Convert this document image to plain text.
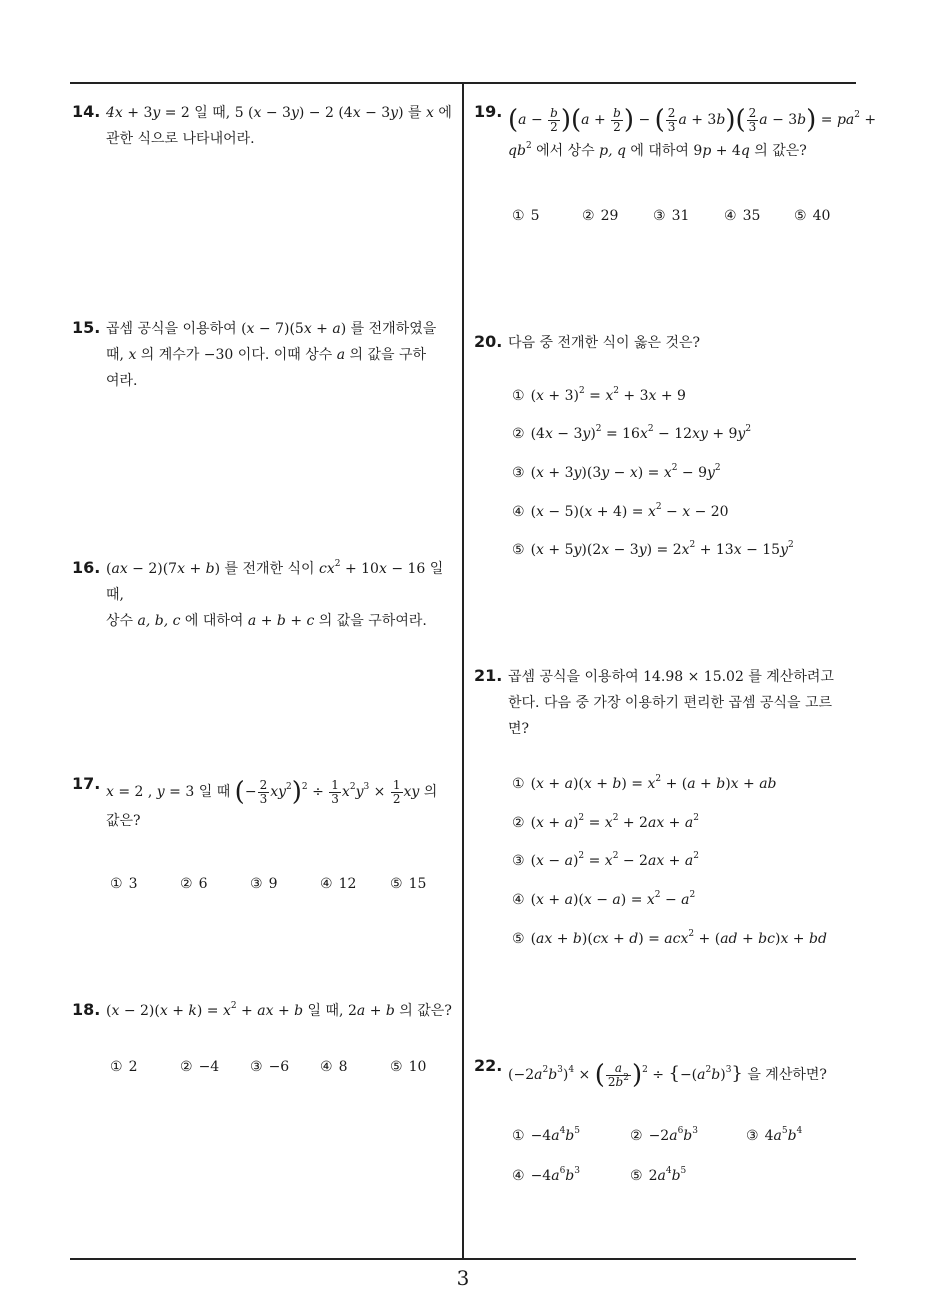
14. 4x + 3y = 2 일 때, 5 (x − 3y) − 2 (4x − 3y) 를 x 에
관한 식으로 나타내어라.
15. 곱셈 공식을 이용하여 (x − 7)(5x + a) 를 전개하였을
때, x 의 계수가 −30 이다. 이때 상수 a 의 값을 구하
여라.
16. (ax − 2)(7x + b) 를 전개한 식이 $cx^2 + 10x - 16$ 일 때,
상수 a, b, c 에 대하여 a + b + c 의 값을 구하여라.
17. x = 2 , y = 3 일 때 (− $\frac{2}{3} xy^2)^2 \div \frac{1}{3} x^2y^3 \times \frac{1}{2}$ xy 의
값은?
① 3	② 6	③ 9	④ 12 ⑤ 15
18. $(x - 2)(x + k) = x^2$ + ax + b 일 때, 2a + b 의 값은?
① 2	② −4 ③ −6 ④ 8	⑤ 10
19. $(a - \frac{b}{2} )(a + \frac{b}{2}$ ) − ( $\frac{2}{3}$ $a + 3b)( \frac{2}{3}$ $a - 3b) = pa^2$ +
$qb^2$ 에서 상수 p, q 에 대하여 9p + 4q 의 값은?
① 5	② 29 ③ 31 ④ 35 ⑤ 40
20. 다음 중 전개한 식이 옳은 것은?
① $(x + 3)^2 = x^2 + 3x + 9$
② $(4x - 3y)^2 = 16x^2 - 12xy + 9y^2$
③ $(x + 3y)(3y - x) = x^2 - 9y^2$
④ $(x - 5)(x + 4) = x^2 - x - 20$
⑤ $(x + 5y)(2x - 3y) = 2x^2 + 13x - 15y^2$
21. 곱셈 공식을 이용하여 14.98 × 15.02 를 계산하려고
한다. 다음 중 가장 이용하기 편리한 곱셈 공식을 고르
면?
① $(x + a)(x + b) = x^2 + (a + b)x$ + ab
② $(x + a)^2 = x^2 + 2ax + a^2$
③ $(x - a)^2 = x^2 - 2ax + a^2$
④ $(x + a)(x - a) = x^2 - a^2$
⑤ (ax + b)(cx + d) = acx$^2$ + (ad + bc)x + bd
22. $(-2a^2b^3)^4$ × ( $\frac{a}{2b^2} )^2 \div \{-(a^2b)^3\}$ 을 계산하면?
① $-4a^4b^5$	② $-2a^6b^3$	③ $4a^5b^4$
④ $-4a^6b^3$	⑤ $2a^4b^5$
3
